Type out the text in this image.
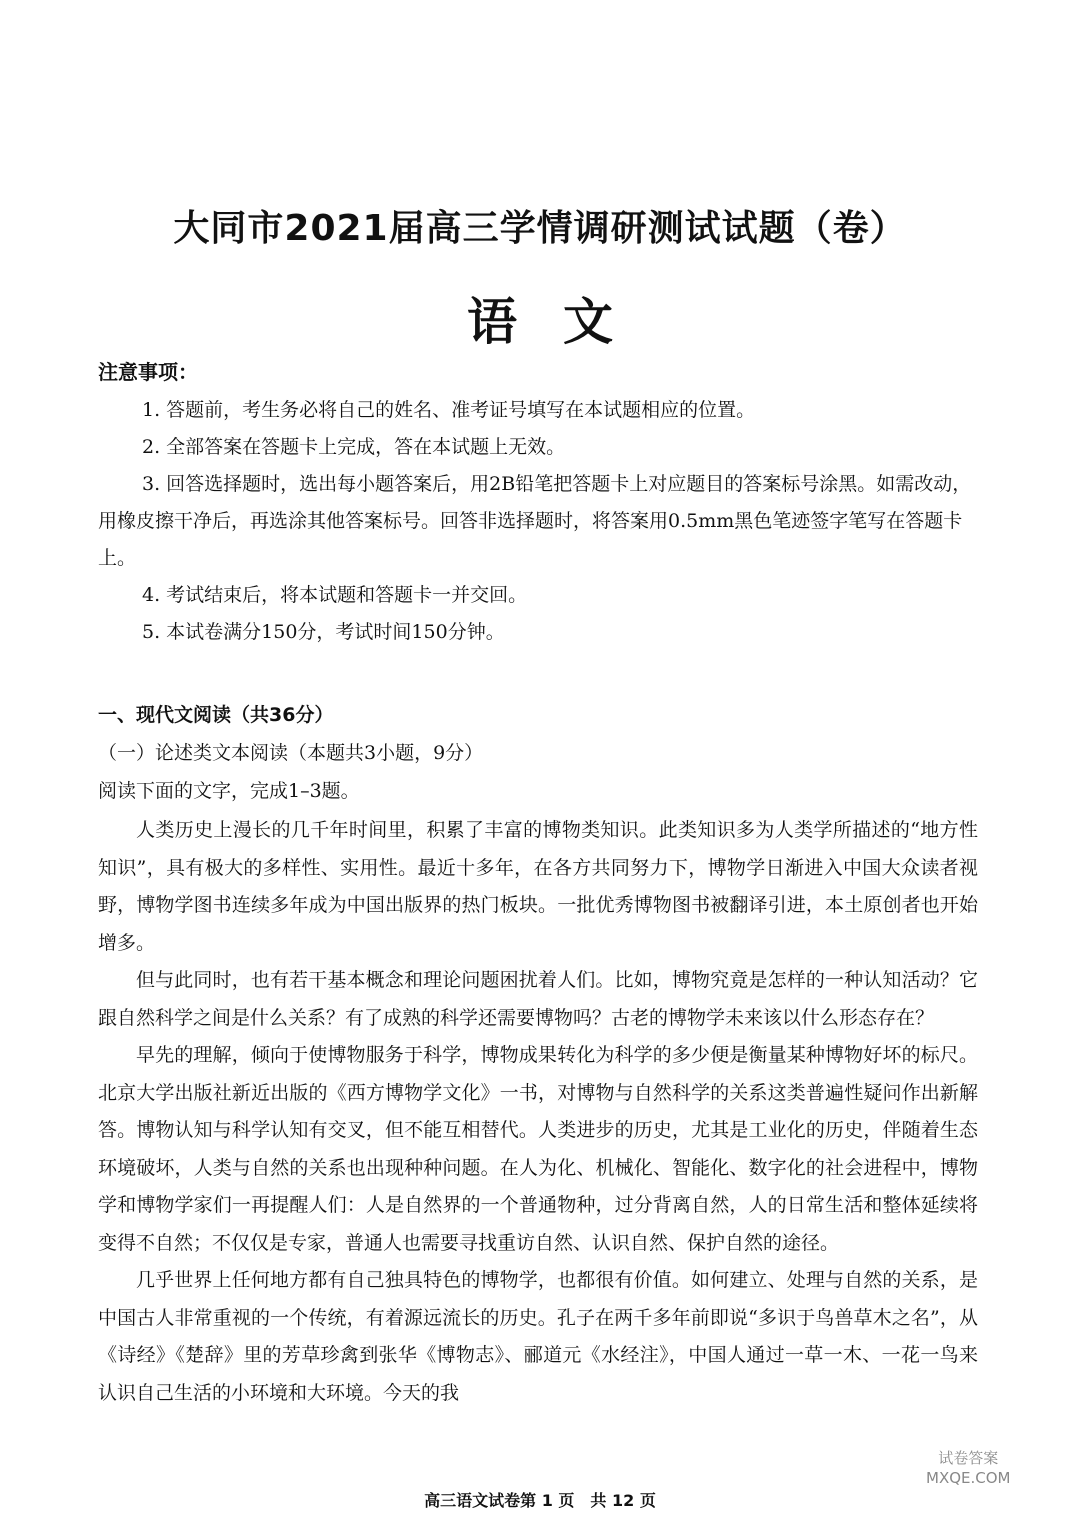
大同市2021届高三学情调研测试试题（卷）
语文
注意事项：

1. 答题前，考生务必将自己的姓名、准考证号填写在本试题相应的位置。

2. 全部答案在答题卡上完成，答在本试题上无效。

3. 回答选择题时，选出每小题答案后，用2B铅笔把答题卡上对应题目的答案标号涂黑。如需改动，用橡皮擦干净后，再选涂其他答案标号。回答非选择题时，将答案用0.5mm黑色笔迹签字笔写在答题卡上。

4. 考试结束后，将本试题和答题卡一并交回。

5. 本试卷满分150分，考试时间150分钟。

一、现代文阅读（共36分）
（一）论述类文本阅读（本题共3小题，9分）
阅读下面的文字，完成1–3题。

人类历史上漫长的几千年时间里，积累了丰富的博物类知识。此类知识多为人类学所描述的“地方性知识”，具有极大的多样性、实用性。最近十多年，在各方共同努力下，博物学日渐进入中国大众读者视野，博物学图书连续多年成为中国出版界的热门板块。一批优秀博物图书被翻译引进，本土原创者也开始增多。

但与此同时，也有若干基本概念和理论问题困扰着人们。比如，博物究竟是怎样的一种认知活动？它跟自然科学之间是什么关系？有了成熟的科学还需要博物吗？古老的博物学未来该以什么形态存在？

早先的理解，倾向于使博物服务于科学，博物成果转化为科学的多少便是衡量某种博物好坏的标尺。北京大学出版社新近出版的《西方博物学文化》一书，对博物与自然科学的关系这类普遍性疑问作出新解答。博物认知与科学认知有交叉，但不能互相替代。人类进步的历史，尤其是工业化的历史，伴随着生态环境破坏，人类与自然的关系也出现种种问题。在人为化、机械化、智能化、数字化的社会进程中，博物学和博物学家们一再提醒人们：人是自然界的一个普通物种，过分背离自然，人的日常生活和整体延续将变得不自然；不仅仅是专家，普通人也需要寻找重访自然、认识自然、保护自然的途径。

几乎世界上任何地方都有自己独具特色的博物学，也都很有价值。如何建立、处理与自然的关系，是中国古人非常重视的一个传统，有着源远流长的历史。孔子在两千多年前即说“多识于鸟兽草木之名”，从《诗经》《楚辞》里的芳草珍禽到张华《博物志》、郦道元《水经注》，中国人通过一草一木、一花一鸟来认识自己生活的小环境和大环境。今天的我

试卷答案
MXQE.COM
高三语文试卷第 1 页　共 12 页
